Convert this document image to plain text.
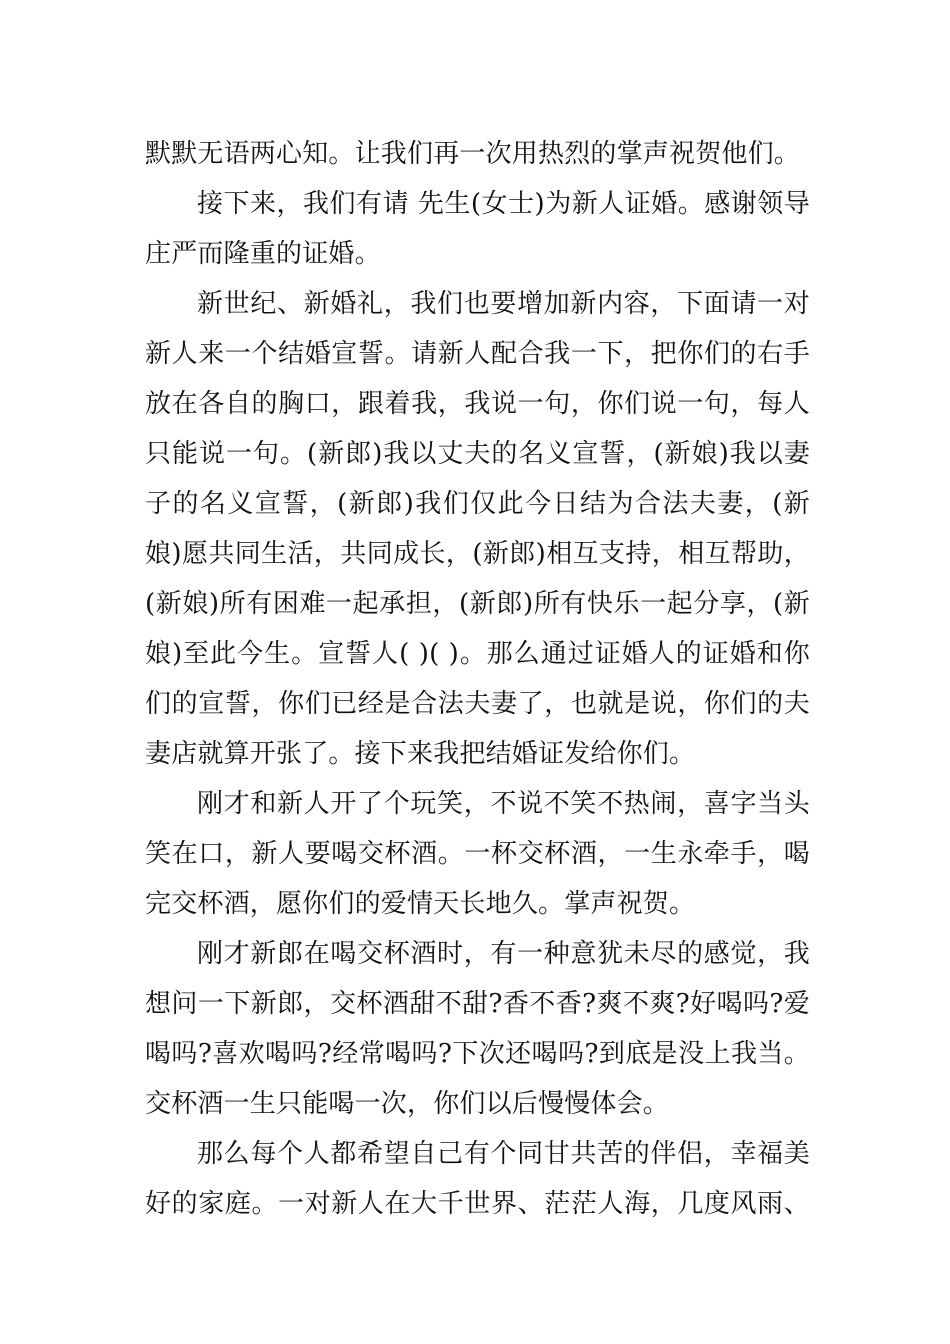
默默无语两心知。让我们再一次用热烈的掌声祝贺他们。
接下来，我们有请 先生(女士)为新人证婚。感谢领导
庄严而隆重的证婚。
新世纪、新婚礼，我们也要增加新内容，下面请一对
新人来一个结婚宣誓。请新人配合我一下，把你们的右手
放在各自的胸口，跟着我，我说一句，你们说一句，每人
只能说一句。(新郎)我以丈夫的名义宣誓，(新娘)我以妻
子的名义宣誓，(新郎)我们仅此今日结为合法夫妻，(新
娘)愿共同生活，共同成长，(新郎)相互支持，相互帮助，
(新娘)所有困难一起承担，(新郎)所有快乐一起分享，(新
娘)至此今生。宣誓人( )( )。那么通过证婚人的证婚和你
们的宣誓，你们已经是合法夫妻了，也就是说，你们的夫
妻店就算开张了。接下来我把结婚证发给你们。
刚才和新人开了个玩笑，不说不笑不热闹，喜字当头
笑在口，新人要喝交杯酒。一杯交杯酒，一生永牵手，喝
完交杯酒，愿你们的爱情天长地久。掌声祝贺。
刚才新郎在喝交杯酒时，有一种意犹未尽的感觉，我
想问一下新郎，交杯酒甜不甜?香不香?爽不爽?好喝吗?爱
喝吗?喜欢喝吗?经常喝吗?下次还喝吗?到底是没上我当。
交杯酒一生只能喝一次，你们以后慢慢体会。
那么每个人都希望自己有个同甘共苦的伴侣，幸福美
好的家庭。一对新人在大千世界、茫茫人海，几度风雨、
